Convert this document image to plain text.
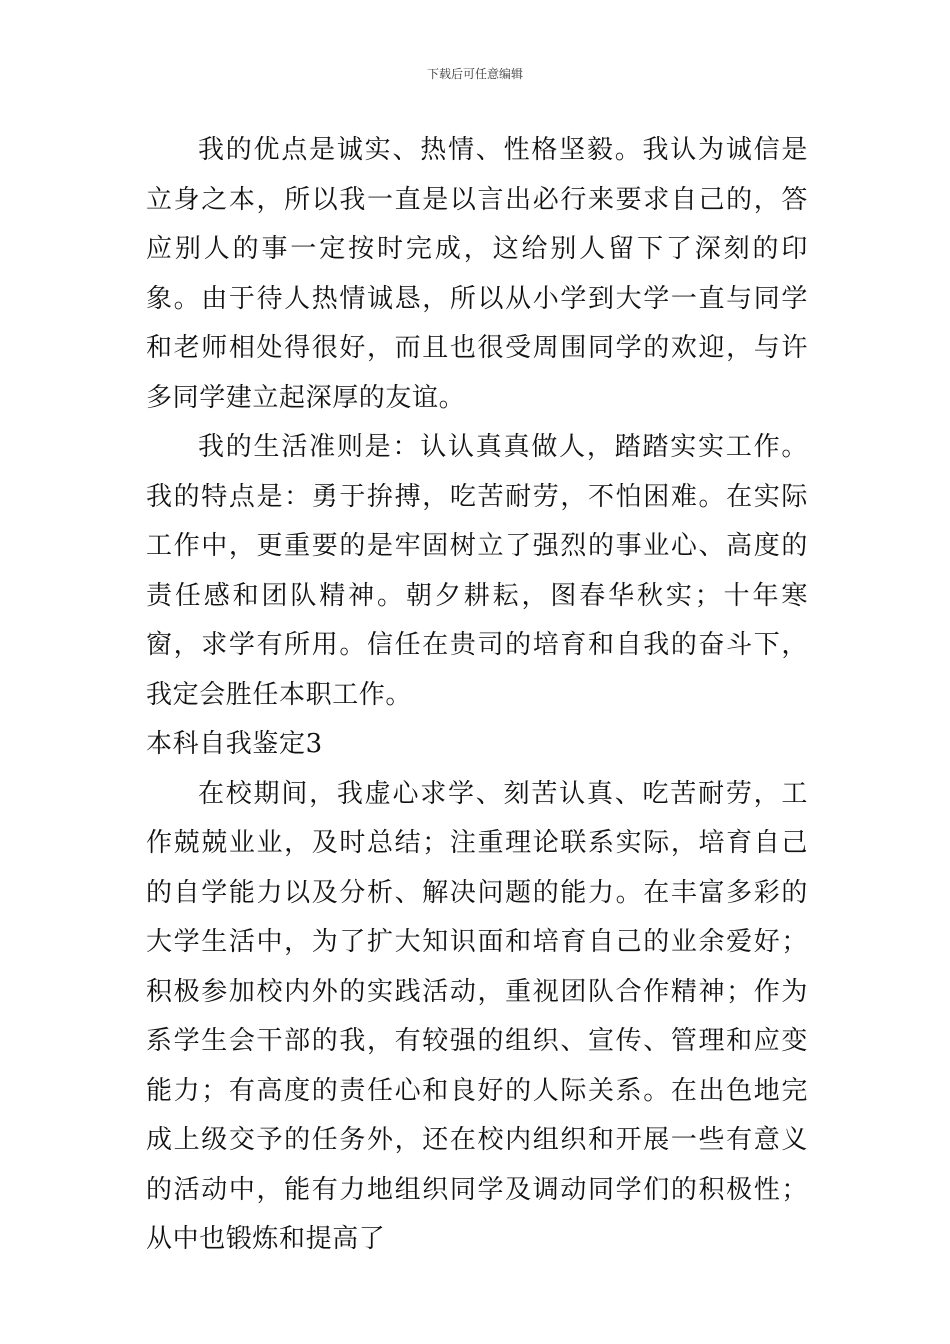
下载后可任意编辑

我的优点是诚实、热情、性格坚毅。我认为诚信是立身之本，所以我一直是以言出必行来要求自己的，答应别人的事一定按时完成，这给别人留下了深刻的印象。由于待人热情诚恳，所以从小学到大学一直与同学和老师相处得很好，而且也很受周围同学的欢迎，与许多同学建立起深厚的友谊。

我的生活准则是：认认真真做人，踏踏实实工作。我的特点是：勇于拚搏，吃苦耐劳，不怕困难。在实际工作中，更重要的是牢固树立了强烈的事业心、高度的责任感和团队精神。朝夕耕耘，图春华秋实；十年寒窗，求学有所用。信任在贵司的培育和自我的奋斗下，我定会胜任本职工作。

本科自我鉴定3

在校期间，我虚心求学、刻苦认真、吃苦耐劳，工作兢兢业业，及时总结；注重理论联系实际，培育自己的自学能力以及分析、解决问题的能力。在丰富多彩的大学生活中，为了扩大知识面和培育自己的业余爱好；积极参加校内外的实践活动，重视团队合作精神；作为系学生会干部的我，有较强的组织、宣传、管理和应变能力；有高度的责任心和良好的人际关系。在出色地完成上级交予的任务外，还在校内组织和开展一些有意义的活动中，能有力地组织同学及调动同学们的积极性；从中也锻炼和提高了
